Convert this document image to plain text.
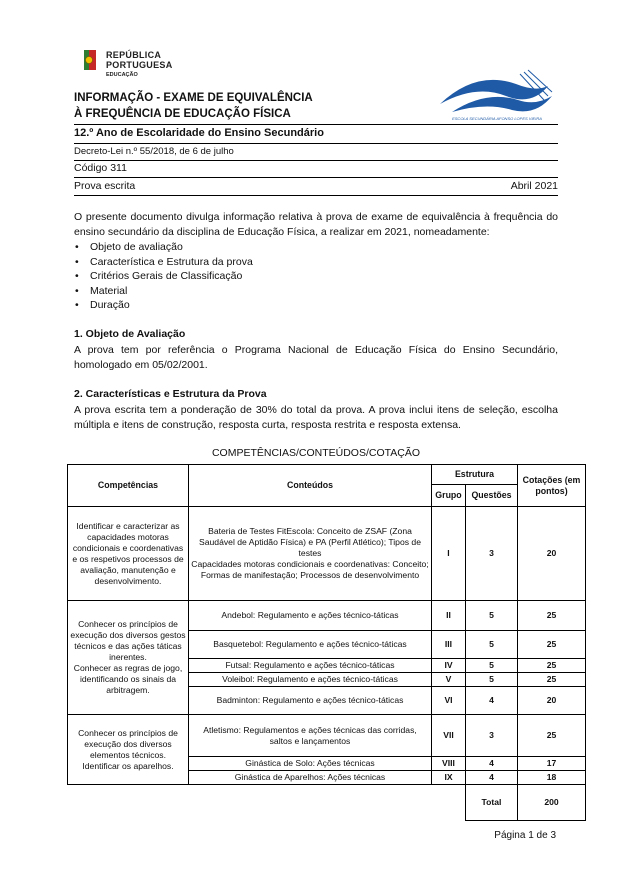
REPÚBLICA
PORTUGUESA
EDUCAÇÃO
ESCOLA SECUNDÁRIA AFONSO LOPES VIEIRA
INFORMAÇÃO - EXAME DE EQUIVALÊNCIA
À FREQUÊNCIA DE EDUCAÇÃO FÍSICA
12.º Ano de Escolaridade do Ensino Secundário
Decreto-Lei n.º 55/2018, de 6 de julho
Código 311
Prova escrita	Abril 2021
O presente documento divulga informação relativa à prova de exame de equivalência à frequência do ensino secundário da disciplina de Educação Física, a realizar em 2021, nomeadamente:
• Objeto de avaliação
• Característica e Estrutura da prova
• Critérios Gerais de Classificação
• Material
• Duração
1. Objeto de Avaliação
A prova tem por referência o Programa Nacional de Educação Física do Ensino Secundário, homologado em 05/02/2001.
2. Características e Estrutura da Prova
A prova escrita tem a ponderação de 30% do total da prova. A prova inclui itens de seleção, escolha múltipla e itens de construção, resposta curta, resposta restrita e resposta extensa.
COMPETÊNCIAS/CONTEÚDOS/COTAÇÃO
Competências	Conteúdos	Estrutura		Cotações (em pontos)
		Grupo	Questões	
Identificar e caracterizar as capacidades motoras condicionais e coordenativas e os respetivos processos de avaliação, manutenção e desenvolvimento.	Bateria de Testes FitEscola: Conceito de ZSAF (Zona Saudável de Aptidão Física) e PA (Perfil Atlético); Tipos de testes
Capacidades motoras condicionais e coordenativas: Conceito; Formas de manifestação; Processos de desenvolvimento	I	3	20
Conhecer os princípios de execução dos diversos gestos técnicos e das ações táticas inerentes.
Conhecer as regras de jogo, identificando os sinais da arbitragem.	Andebol: Regulamento e ações técnico-táticas	II	5	25
	Basquetebol: Regulamento e ações técnico-táticas	III	5	25
	Futsal: Regulamento e ações técnico-táticas	IV	5	25
	Voleibol: Regulamento e ações técnico-táticas	V	5	25
	Badminton: Regulamento e ações técnico-táticas	VI	4	20
Conhecer os princípios de execução dos diversos elementos técnicos.
Identificar os aparelhos.	Atletismo: Regulamentos e ações técnicas das corridas, saltos e lançamentos	VII	3	25
	Ginástica de Solo: Ações técnicas	VIII	4	17
	Ginástica de Aparelhos: Ações técnicas	IX	4	18
			Total	200
Página 1 de 3
